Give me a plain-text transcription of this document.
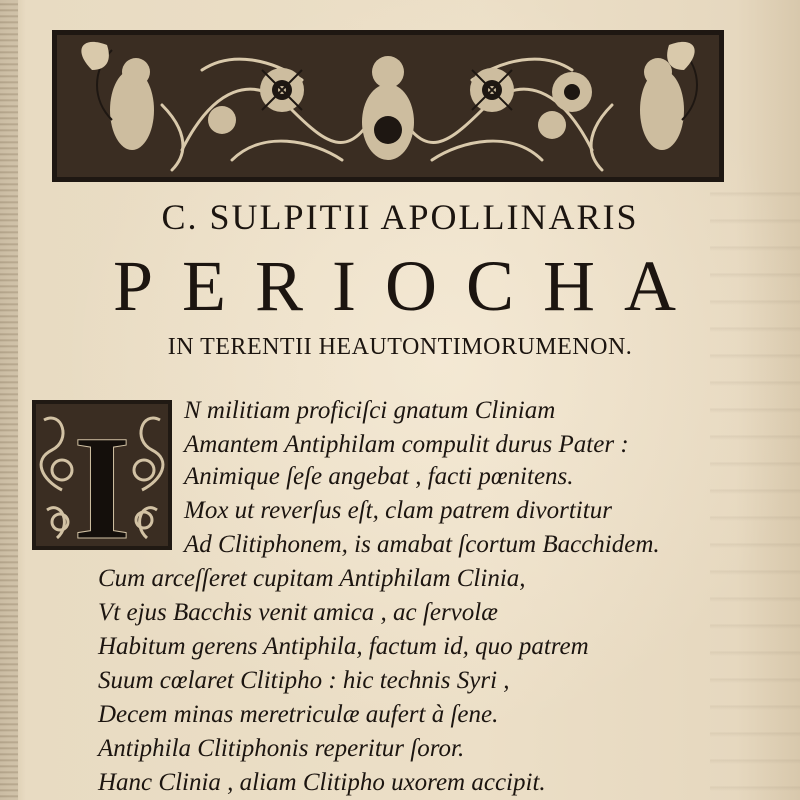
C. SULPITII APOLLINARIS
PERIOCHA
IN TERENTII HEAUTONTIMORUMENON.
I N militiam proficiſci gnatum Cliniam
Amantem Antiphilam compulit durus Pater :
Animique ſeſe angebat , facti pœnitens.
Mox ut reverſus eſt, clam patrem divortitur
Ad Clitiphonem, is amabat ſcortum Bacchidem.
Cum arceſſeret cupitam Antiphilam Clinia,
Vt ejus Bacchis venit amica , ac ſervolæ
Habitum gerens Antiphila, factum id, quo patrem
Suum cœlaret Clitipho : hic technis Syri ,
Decem minas meretriculæ aufert à ſene.
Antiphila Clitiphonis reperitur ſoror.
Hanc Clinia , aliam Clitipho uxorem accipit.
